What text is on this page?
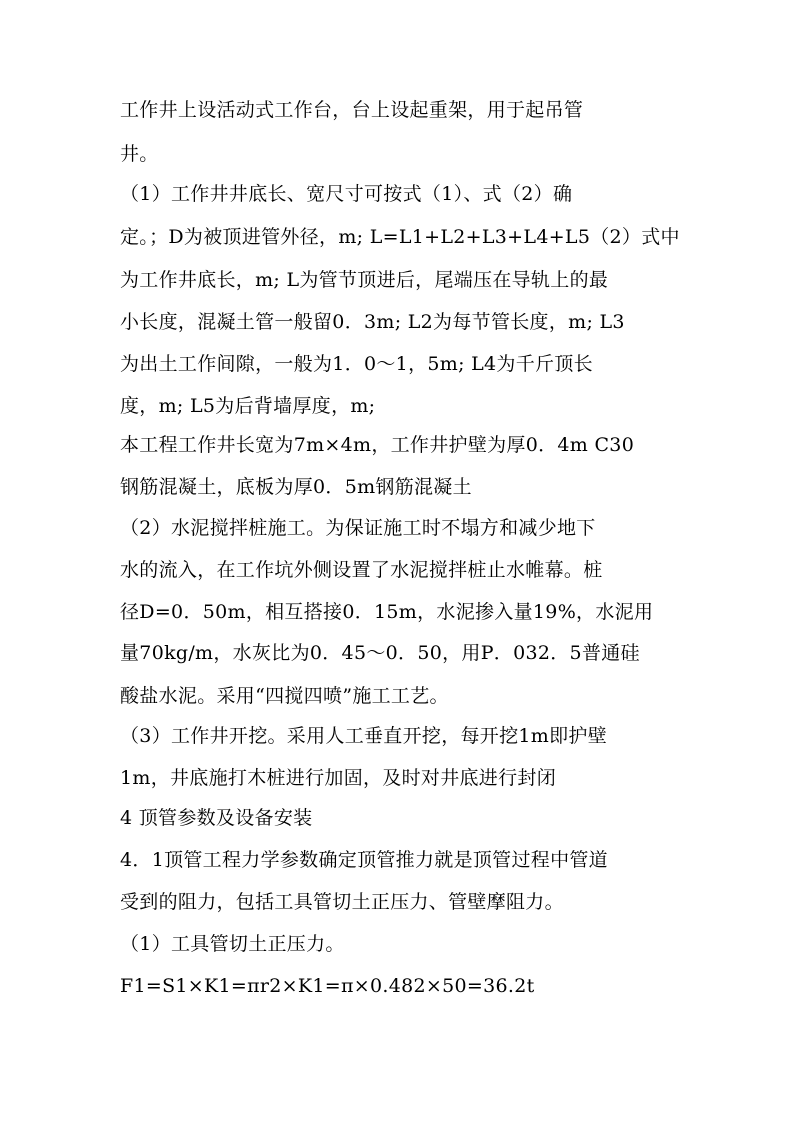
工作井上设活动式工作台，台上设起重架，用于起吊管
井。
（1）工作井井底长、宽尺寸可按式（1）、式（2）确
定。；D为被顶进管外径，m; L=L1+L2+L3+L4+L5（2）式中
为工作井底长，m; L为管节顶进后，尾端压在导轨上的最
小长度，混凝土管一般留0．3m; L2为每节管长度，m; L3
为出土工作间隙，一般为1．0～1，5m; L4为千斤顶长
度，m; L5为后背墙厚度，m;
本工程工作井长宽为7m×4m，工作井护壁为厚0．4m C30
钢筋混凝土，底板为厚0．5m钢筋混凝土
（2）水泥搅拌桩施工。为保证施工时不塌方和减少地下
水的流入，在工作坑外侧设置了水泥搅拌桩止水帷幕。桩
径D=0．50m，相互搭接0．15m，水泥掺入量19%，水泥用
量70kg/m，水灰比为0．45～0．50，用P．032．5普通硅
酸盐水泥。采用“四搅四喷”施工工艺。
（3）工作井开挖。采用人工垂直开挖，每开挖1m即护壁
1m，井底施打木桩进行加固，及时对井底进行封闭
4 顶管参数及设备安装
4．1顶管工程力学参数确定顶管推力就是顶管过程中管道
受到的阻力，包括工具管切土正压力、管壁摩阻力。
（1）工具管切土正压力。
F1=S1×K1=πr2×K1=π×0.482×50=36.2t
